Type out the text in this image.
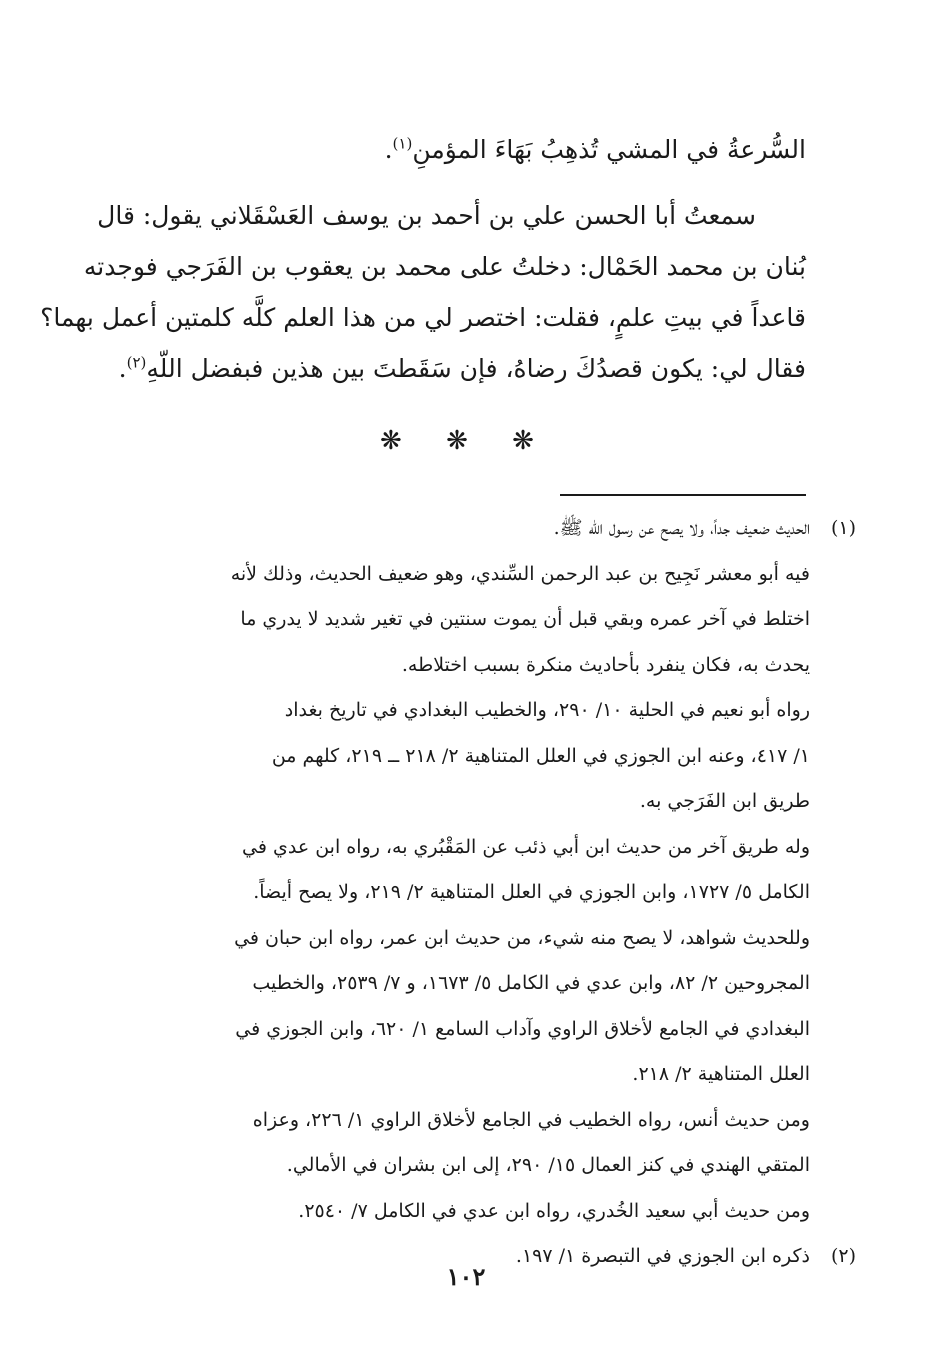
السُّرعةُ في المشي تُذهِبُ بَهَاءَ المؤمنِ$^{(١)}$.
سمعتُ أبا الحسن علي بن أحمد بن يوسف العَسْقَلاني يقول: قال
بُنان بن محمد الحَمْال: دخلتُ على محمد بن يعقوب بن الفَرَجي فوجدته
قاعداً في بيتِ علمٍ، فقلت: اختصر لي من هذا العلم كلَّه كلمتين أعمل بهما؟
فقال لي: يكون قصدُكَ رضاهُ، فإن سَقَطتَ بين هذين فبفضل اللّهِ$^{(٢)}$.
❋ ❋ ❋
(١)
الحديث ضعيف جداً، ولا يصح عن رسول الله ﷺ.
فيه أبو معشر نَجِيح بن عبد الرحمن السِّندي، وهو ضعيف الحديث، وذلك لأنه
اختلط في آخر عمره وبقي قبل أن يموت سنتين في تغير شديد لا يدري ما
يحدث به، فكان ينفرد بأحاديث منكرة بسبب اختلاطه.
رواه أبو نعيم في الحلية ١٠/ ٢٩٠، والخطيب البغدادي في تاريخ بغداد
١/ ٤١٧، وعنه ابن الجوزي في العلل المتناهية ٢/ ٢١٨ ــ ٢١٩، كلهم من
طريق ابن الفَرَجي به.
وله طريق آخر من حديث ابن أبي ذئب عن المَقْبُري به، رواه ابن عدي في
الكامل ٥/ ١٧٢٧، وابن الجوزي في العلل المتناهية ٢/ ٢١٩، ولا يصح أيضاً.
وللحديث شواهد، لا يصح منه شيء، من حديث ابن عمر، رواه ابن حبان في
المجروحين ٢/ ٨٢، وابن عدي في الكامل ٥/ ١٦٧٣، و ٧/ ٢٥٣٩، والخطيب
البغدادي في الجامع لأخلاق الراوي وآداب السامع ١/ ٦٢٠، وابن الجوزي في
العلل المتناهية ٢/ ٢١٨.
ومن حديث أنس، رواه الخطيب في الجامع لأخلاق الراوي ١/ ٢٢٦، وعزاه
المتقي الهندي في كنز العمال ١٥/ ٢٩٠، إلى ابن بشران في الأمالي.
ومن حديث أبي سعيد الخُدري، رواه ابن عدي في الكامل ٧/ ٢٥٤٠.
(٢)
ذكره ابن الجوزي في التبصرة ١/ ١٩٧.
١٠٢
